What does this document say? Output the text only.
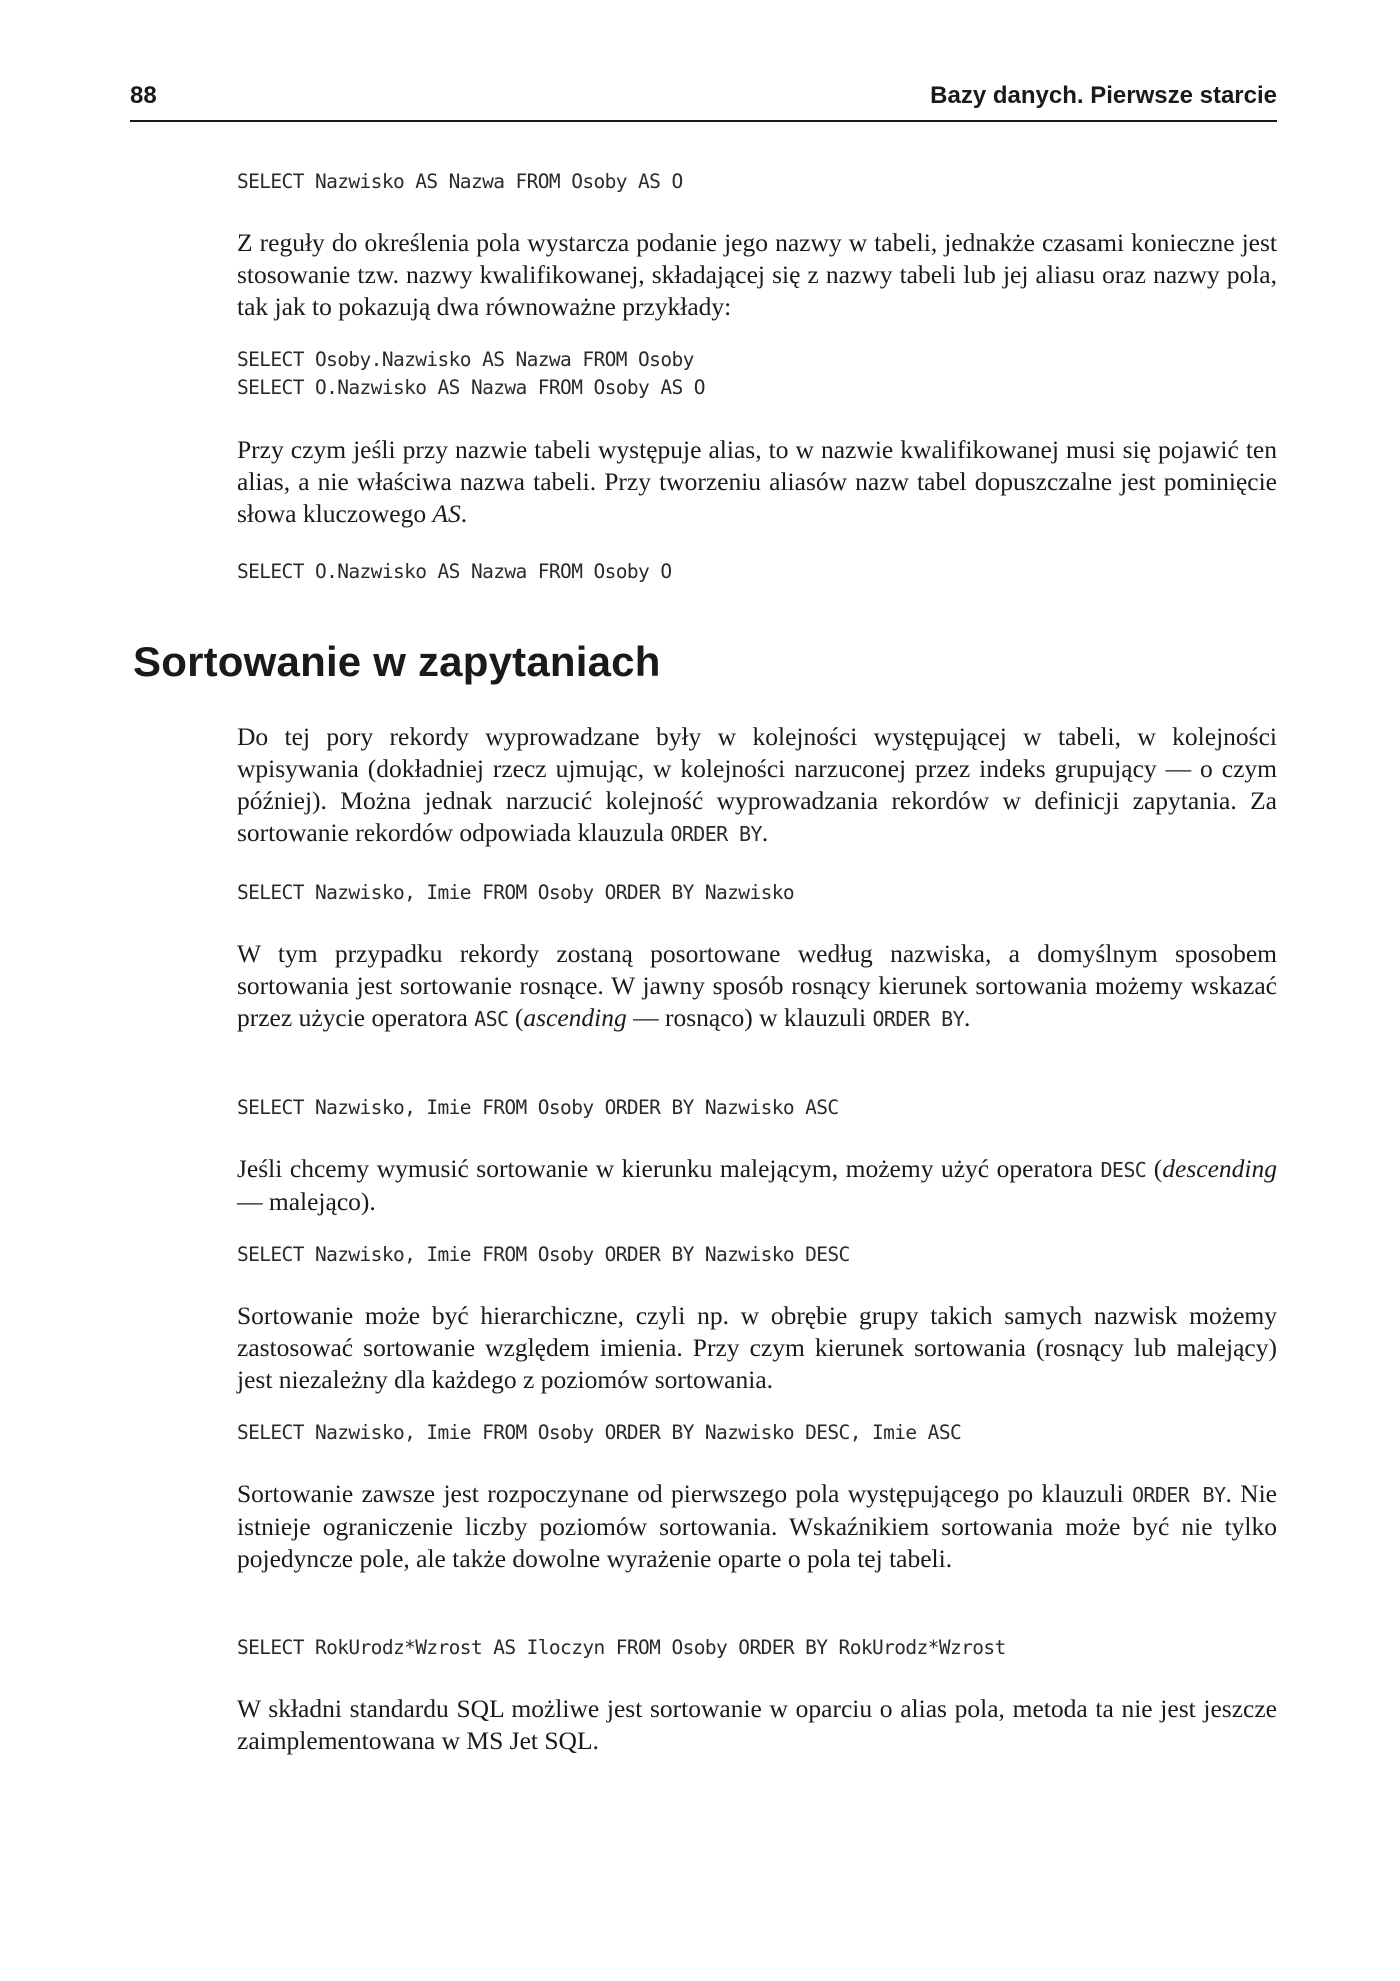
88	Bazy danych. Pierwsze starcie
SELECT Nazwisko AS Nazwa FROM Osoby AS O

Z reguły do określenia pola wystarcza podanie jego nazwy w tabeli, jednakże czasami konieczne jest stosowanie tzw. nazwy kwalifikowanej, składającej się z nazwy tabeli lub jej aliasu oraz nazwy pola, tak jak to pokazują dwa równoważne przykłady:

SELECT Osoby.Nazwisko AS Nazwa FROM Osoby
SELECT O.Nazwisko AS Nazwa FROM Osoby AS O

Przy czym jeśli przy nazwie tabeli występuje alias, to w nazwie kwalifikowanej musi się pojawić ten alias, a nie właściwa nazwa tabeli. Przy tworzeniu aliasów nazw tabel dopuszczalne jest pominięcie słowa kluczowego AS.

SELECT O.Nazwisko AS Nazwa FROM Osoby O

Do tej pory rekordy wyprowadzane były w kolejności występującej w tabeli, w kolejności wpisywania (dokładniej rzecz ujmując, w kolejności narzuconej przez indeks grupujący — o czym później). Można jednak narzucić kolejność wyprowadzania rekordów w definicji zapytania. Za sortowanie rekordów odpowiada klauzula ORDER BY.

SELECT Nazwisko, Imie FROM Osoby ORDER BY Nazwisko

W tym przypadku rekordy zostaną posortowane według nazwiska, a domyślnym sposobem sortowania jest sortowanie rosnące. W jawny sposób rosnący kierunek sortowania możemy wskazać przez użycie operatora ASC (ascending — rosnąco) w klauzuli ORDER BY.

SELECT Nazwisko, Imie FROM Osoby ORDER BY Nazwisko ASC

Jeśli chcemy wymusić sortowanie w kierunku malejącym, możemy użyć operatora DESC (descending — malejąco).

SELECT Nazwisko, Imie FROM Osoby ORDER BY Nazwisko DESC

Sortowanie może być hierarchiczne, czyli np. w obrębie grupy takich samych nazwisk możemy zastosować sortowanie względem imienia. Przy czym kierunek sortowania (rosnący lub malejący) jest niezależny dla każdego z poziomów sortowania.

SELECT Nazwisko, Imie FROM Osoby ORDER BY Nazwisko DESC, Imie ASC

Sortowanie zawsze jest rozpoczynane od pierwszego pola występującego po klauzuli ORDER BY. Nie istnieje ograniczenie liczby poziomów sortowania. Wskaźnikiem sortowania może być nie tylko pojedyncze pole, ale także dowolne wyrażenie oparte o pola tej tabeli.

SELECT RokUrodz*Wzrost AS Iloczyn FROM Osoby ORDER BY RokUrodz*Wzrost

W składni standardu SQL możliwe jest sortowanie w oparciu o alias pola, metoda ta nie jest jeszcze zaimplementowana w MS Jet SQL.

Sortowanie w zapytaniach
